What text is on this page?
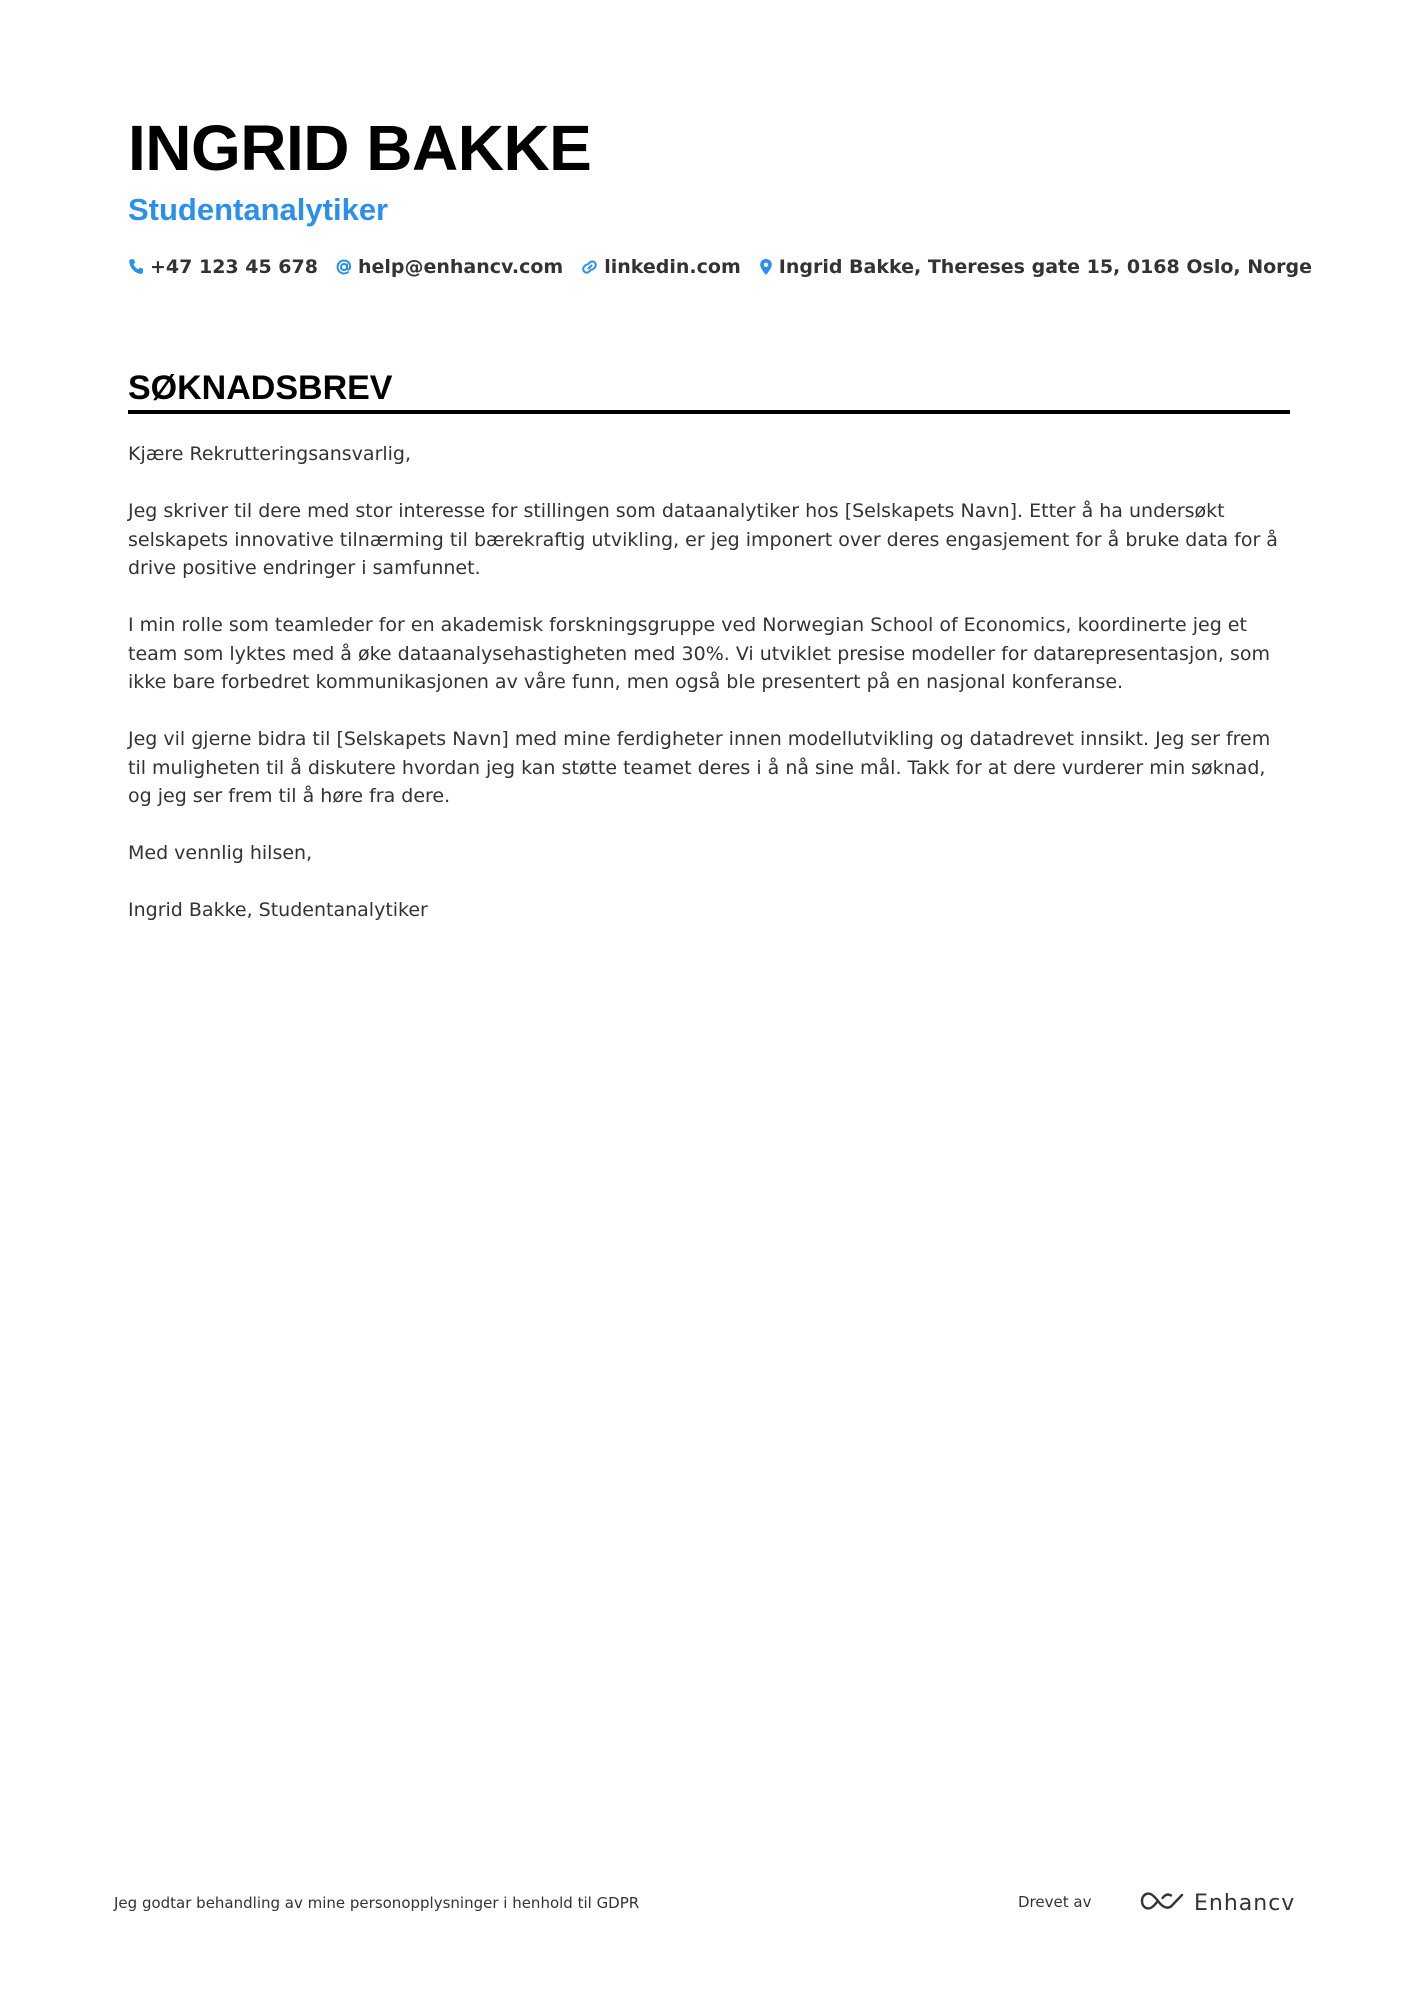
INGRID BAKKE
Studentanalytiker
+47 123 45 678 help@enhancv.com linkedin.com Ingrid Bakke, Thereses gate 15, 0168 Oslo, Norge
SØKNADSBREV

Kjære Rekrutteringsansvarlig,

Jeg skriver til dere med stor interesse for stillingen som dataanalytiker hos [Selskapets Navn]. Etter å ha undersøkt selskapets innovative tilnærming til bærekraftig utvikling, er jeg imponert over deres engasjement for å bruke data for å drive positive endringer i samfunnet.

I min rolle som teamleder for en akademisk forskningsgruppe ved Norwegian School of Economics, koordinerte jeg et team som lyktes med å øke dataanalysehastigheten med 30%. Vi utviklet presise modeller for datarepresentasjon, som ikke bare forbedret kommunikasjonen av våre funn, men også ble presentert på en nasjonal konferanse.

Jeg vil gjerne bidra til [Selskapets Navn] med mine ferdigheter innen modellutvikling og datadrevet innsikt. Jeg ser frem til muligheten til å diskutere hvordan jeg kan støtte teamet deres i å nå sine mål. Takk for at dere vurderer min søknad, og jeg ser frem til å høre fra dere.

Med vennlig hilsen,

Ingrid Bakke, Studentanalytiker

Jeg godtar behandling av mine personopplysninger i henhold til GDPR	Drevet av	Enhancv
